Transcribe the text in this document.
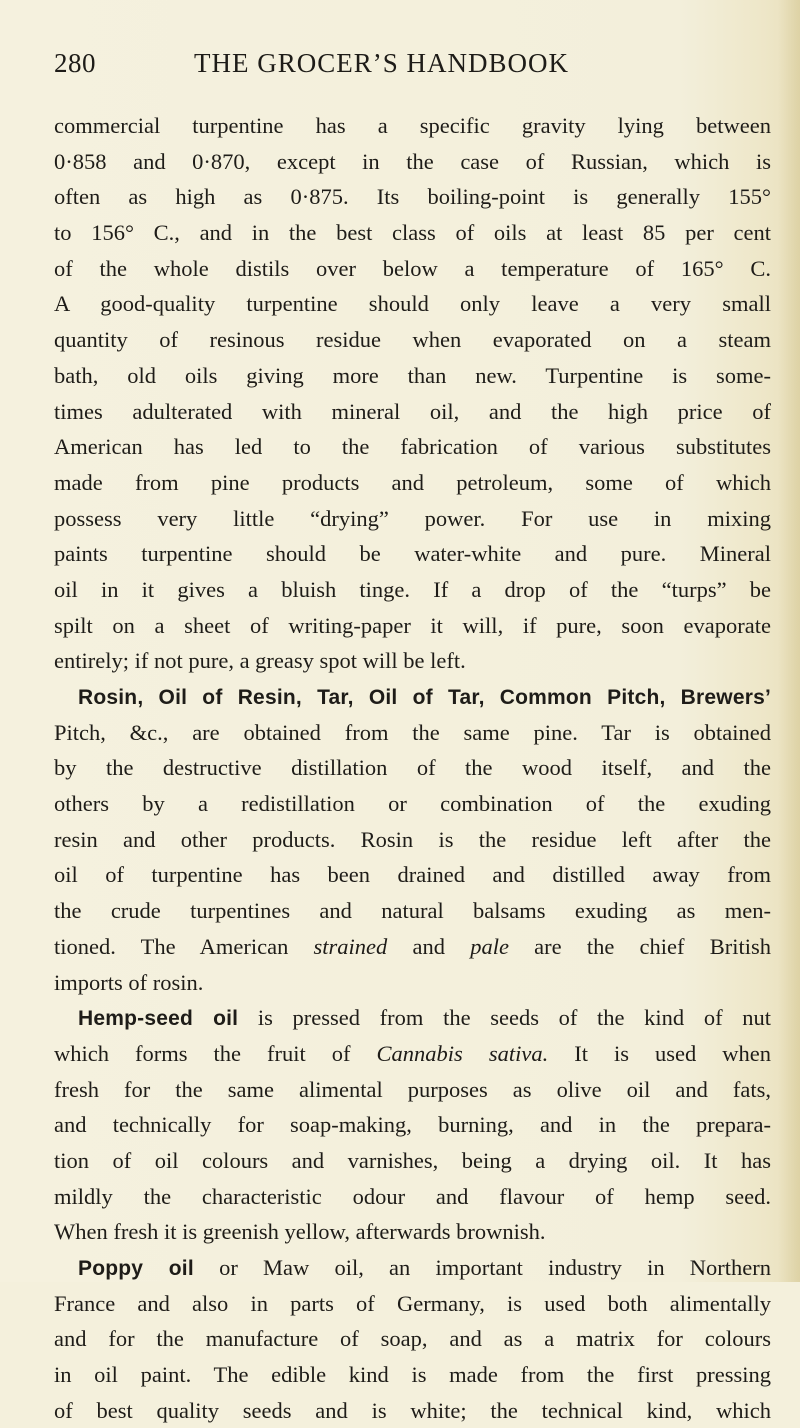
280	THE GROCER’S HANDBOOK
commercial turpentine has a specific gravity lying between
0·858 and 0·870, except in the case of Russian, which is
often as high as 0·875. Its boiling-point is generally 155°
to 156° C., and in the best class of oils at least 85 per cent
of the whole distils over below a temperature of 165° C.
A good-quality turpentine should only leave a very small
quantity of resinous residue when evaporated on a steam
bath, old oils giving more than new. Turpentine is some-
times adulterated with mineral oil, and the high price of
American has led to the fabrication of various substitutes
made from pine products and petroleum, some of which
possess very little “drying” power. For use in mixing
paints turpentine should be water-white and pure. Mineral
oil in it gives a bluish tinge. If a drop of the “turps” be
spilt on a sheet of writing-paper it will, if pure, soon evaporate
entirely; if not pure, a greasy spot will be left.
Rosin, Oil of Resin, Tar, Oil of Tar, Common Pitch, Brewers’
Pitch, &c., are obtained from the same pine. Tar is obtained
by the destructive distillation of the wood itself, and the
others by a redistillation or combination of the exuding
resin and other products. Rosin is the residue left after the
oil of turpentine has been drained and distilled away from
the crude turpentines and natural balsams exuding as men-
tioned. The American strained and pale are the chief British
imports of rosin.
Hemp-seed oil is pressed from the seeds of the kind of nut
which forms the fruit of Cannabis sativa. It is used when
fresh for the same alimental purposes as olive oil and fats,
and technically for soap-making, burning, and in the prepara-
tion of oil colours and varnishes, being a drying oil. It has
mildly the characteristic odour and flavour of hemp seed.
When fresh it is greenish yellow, afterwards brownish.
Poppy oil or Maw oil, an important industry in Northern
France and also in parts of Germany, is used both alimentally
and for the manufacture of soap, and as a matrix for colours
in oil paint. The edible kind is made from the first pressing
of best quality seeds and is white; the technical kind, which
